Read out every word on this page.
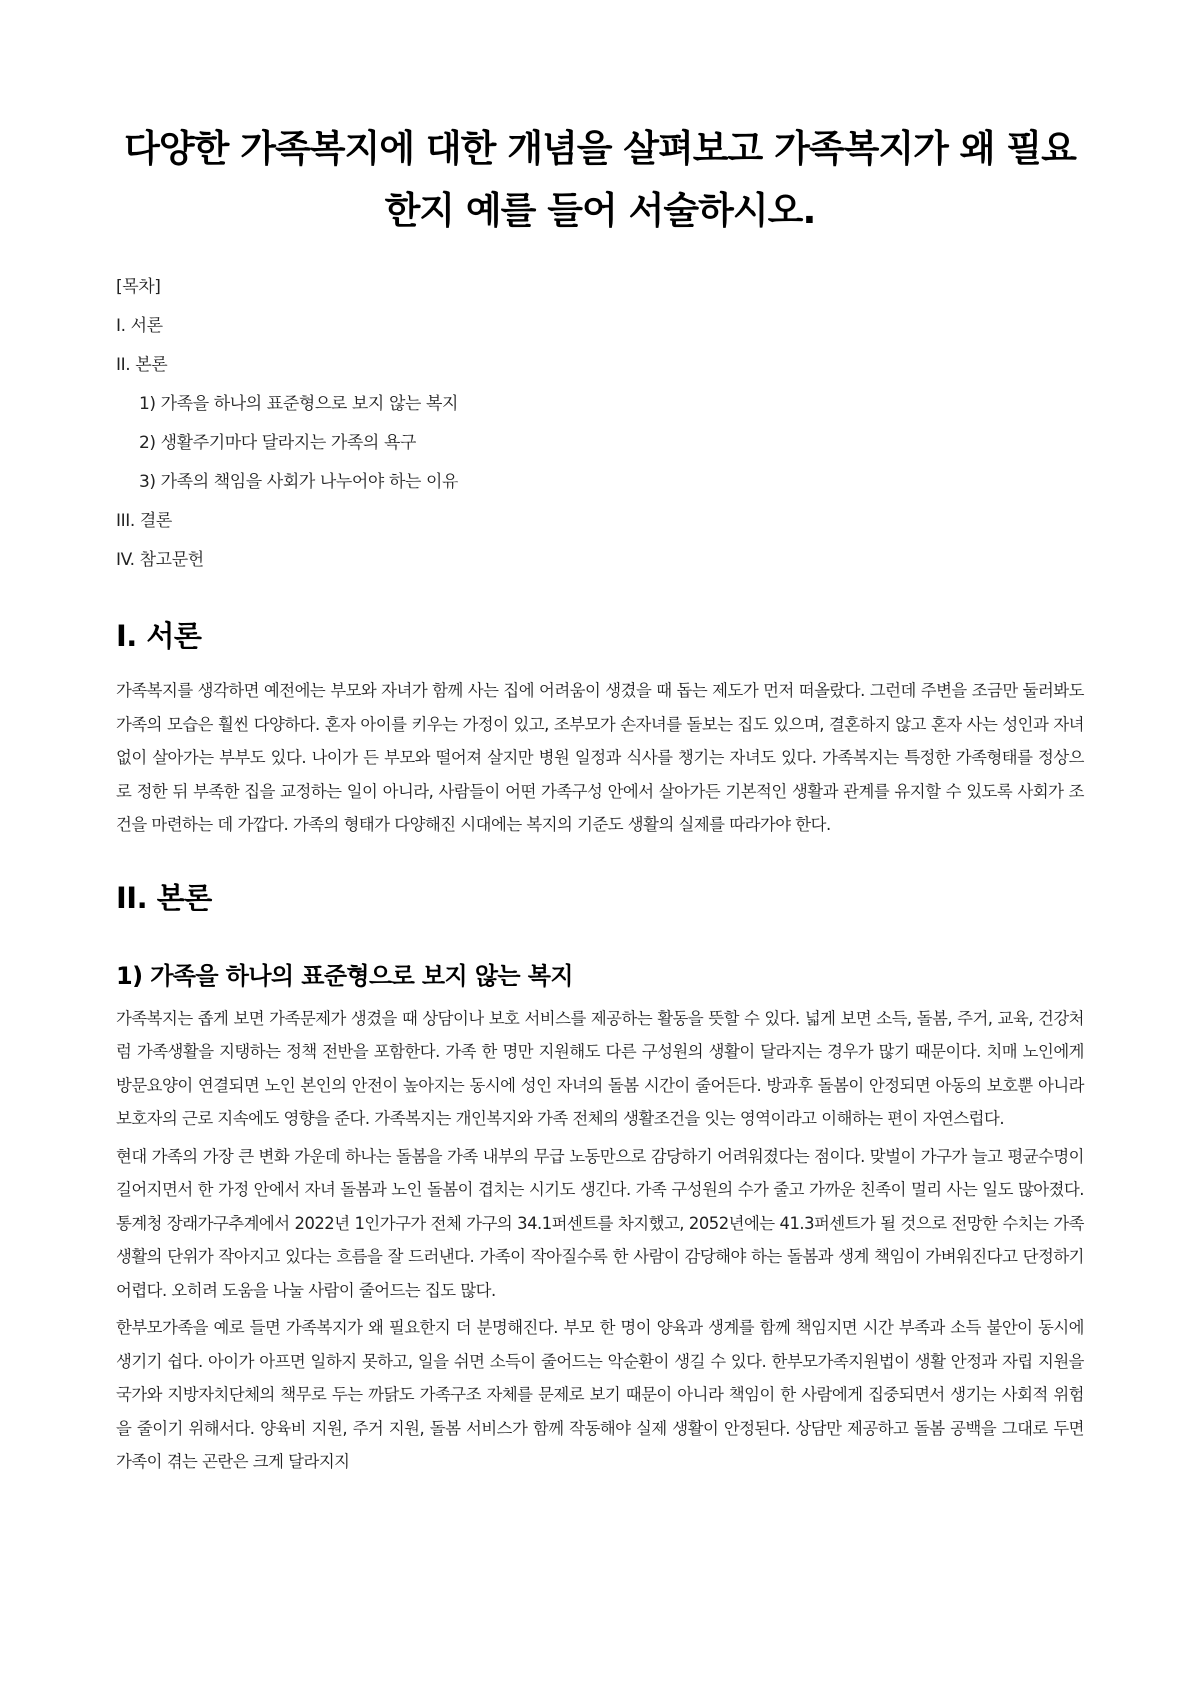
다양한 가족복지에 대한 개념을 살펴보고 가족복지가 왜 필요한지 예를 들어 서술하시오.
[목차]
I. 서론
II. 본론
1) 가족을 하나의 표준형으로 보지 않는 복지
2) 생활주기마다 달라지는 가족의 욕구
3) 가족의 책임을 사회가 나누어야 하는 이유
III. 결론
IV. 참고문헌
I. 서론

가족복지를 생각하면 예전에는 부모와 자녀가 함께 사는 집에 어려움이 생겼을 때 돕는 제도가 먼저 떠올랐다. 그런데 주변을 조금만 둘러봐도 가족의 모습은 훨씬 다양하다. 혼자 아이를 키우는 가정이 있고, 조부모가 손자녀를 돌보는 집도 있으며, 결혼하지 않고 혼자 사는 성인과 자녀 없이 살아가는 부부도 있다. 나이가 든 부모와 떨어져 살지만 병원 일정과 식사를 챙기는 자녀도 있다. 가족복지는 특정한 가족형태를 정상으로 정한 뒤 부족한 집을 교정하는 일이 아니라, 사람들이 어떤 가족구성 안에서 살아가든 기본적인 생활과 관계를 유지할 수 있도록 사회가 조건을 마련하는 데 가깝다. 가족의 형태가 다양해진 시대에는 복지의 기준도 생활의 실제를 따라가야 한다.

II. 본론
1) 가족을 하나의 표준형으로 보지 않는 복지

가족복지는 좁게 보면 가족문제가 생겼을 때 상담이나 보호 서비스를 제공하는 활동을 뜻할 수 있다. 넓게 보면 소득, 돌봄, 주거, 교육, 건강처럼 가족생활을 지탱하는 정책 전반을 포함한다. 가족 한 명만 지원해도 다른 구성원의 생활이 달라지는 경우가 많기 때문이다. 치매 노인에게 방문요양이 연결되면 노인 본인의 안전이 높아지는 동시에 성인 자녀의 돌봄 시간이 줄어든다. 방과후 돌봄이 안정되면 아동의 보호뿐 아니라 보호자의 근로 지속에도 영향을 준다. 가족복지는 개인복지와 가족 전체의 생활조건을 잇는 영역이라고 이해하는 편이 자연스럽다.

현대 가족의 가장 큰 변화 가운데 하나는 돌봄을 가족 내부의 무급 노동만으로 감당하기 어려워졌다는 점이다. 맞벌이 가구가 늘고 평균수명이 길어지면서 한 가정 안에서 자녀 돌봄과 노인 돌봄이 겹치는 시기도 생긴다. 가족 구성원의 수가 줄고 가까운 친족이 멀리 사는 일도 많아졌다. 통계청 장래가구추계에서 2022년 1인가구가 전체 가구의 34.1퍼센트를 차지했고, 2052년에는 41.3퍼센트가 될 것으로 전망한 수치는 가족생활의 단위가 작아지고 있다는 흐름을 잘 드러낸다. 가족이 작아질수록 한 사람이 감당해야 하는 돌봄과 생계 책임이 가벼워진다고 단정하기 어렵다. 오히려 도움을 나눌 사람이 줄어드는 집도 많다.

한부모가족을 예로 들면 가족복지가 왜 필요한지 더 분명해진다. 부모 한 명이 양육과 생계를 함께 책임지면 시간 부족과 소득 불안이 동시에 생기기 쉽다. 아이가 아프면 일하지 못하고, 일을 쉬면 소득이 줄어드는 악순환이 생길 수 있다. 한부모가족지원법이 생활 안정과 자립 지원을 국가와 지방자치단체의 책무로 두는 까닭도 가족구조 자체를 문제로 보기 때문이 아니라 책임이 한 사람에게 집중되면서 생기는 사회적 위험을 줄이기 위해서다. 양육비 지원, 주거 지원, 돌봄 서비스가 함께 작동해야 실제 생활이 안정된다. 상담만 제공하고 돌봄 공백을 그대로 두면 가족이 겪는 곤란은 크게 달라지지
